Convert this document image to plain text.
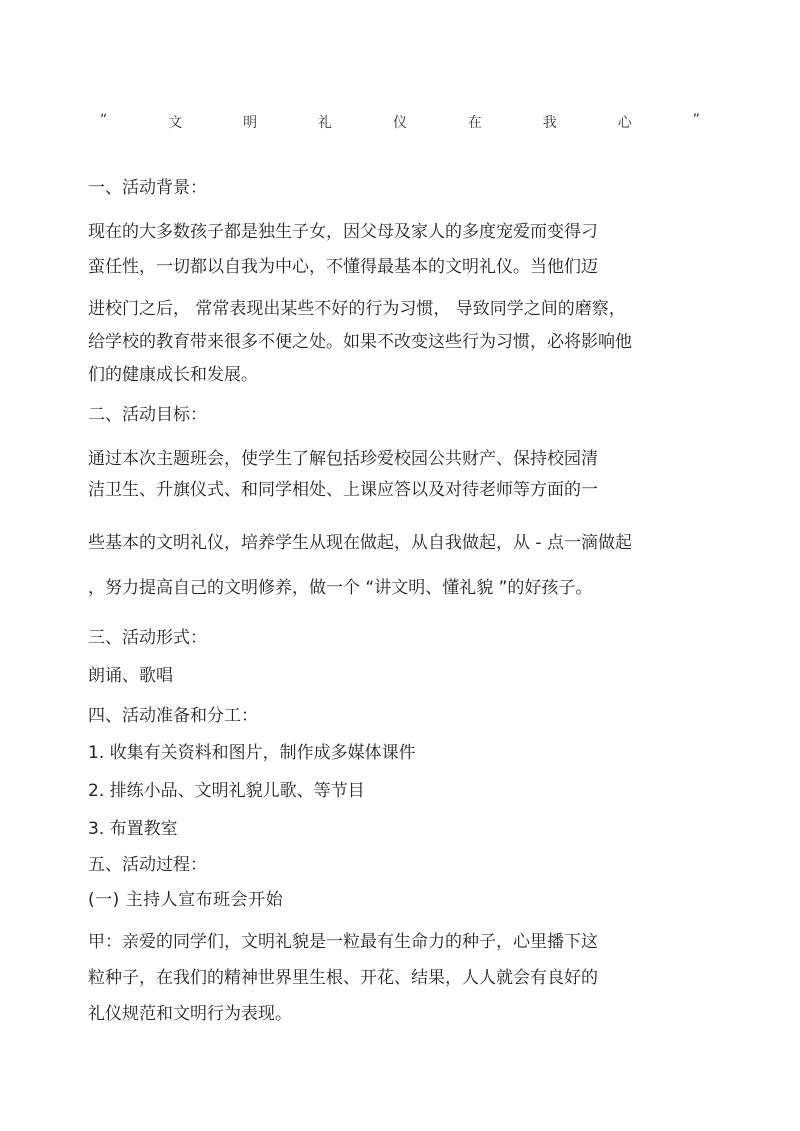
“	文	明	礼	仪	在	我	心	”
一、活动背景：
现在的大多数孩子都是独生子女，因父母及家人的多度宠爱而变得刁
蛮任性，一切都以自我为中心，不懂得最基本的文明礼仪。当他们迈
进校门之后， 常常表现出某些不好的行为习惯， 导致同学之间的磨察，
给学校的教育带来很多不便之处。如果不改变这些行为习惯，必将影响他
们的健康成长和发展。
二、活动目标：
通过本次主题班会，使学生了解包括珍爱校园公共财产、保持校园清
洁卫生、升旗仪式、和同学相处、上课应答以及对待老师等方面的一
些基本的文明礼仪，培养学生从现在做起，从自我做起，从 - 点一滴做起
，努力提高自己的文明修养，做一个 “讲文明、懂礼貌 ”的好孩子。
三、活动形式：
朗诵、歌唱
四、活动准备和分工：
1. 收集有关资料和图片，制作成多媒体课件
2. 排练小品、文明礼貌儿歌、等节目
3. 布置教室
五、活动过程：
(一) 主持人宣布班会开始
甲：亲爱的同学们，文明礼貌是一粒最有生命力的种子，心里播下这
粒种子，在我们的精神世界里生根、开花、结果，人人就会有良好的
礼仪规范和文明行为表现。
